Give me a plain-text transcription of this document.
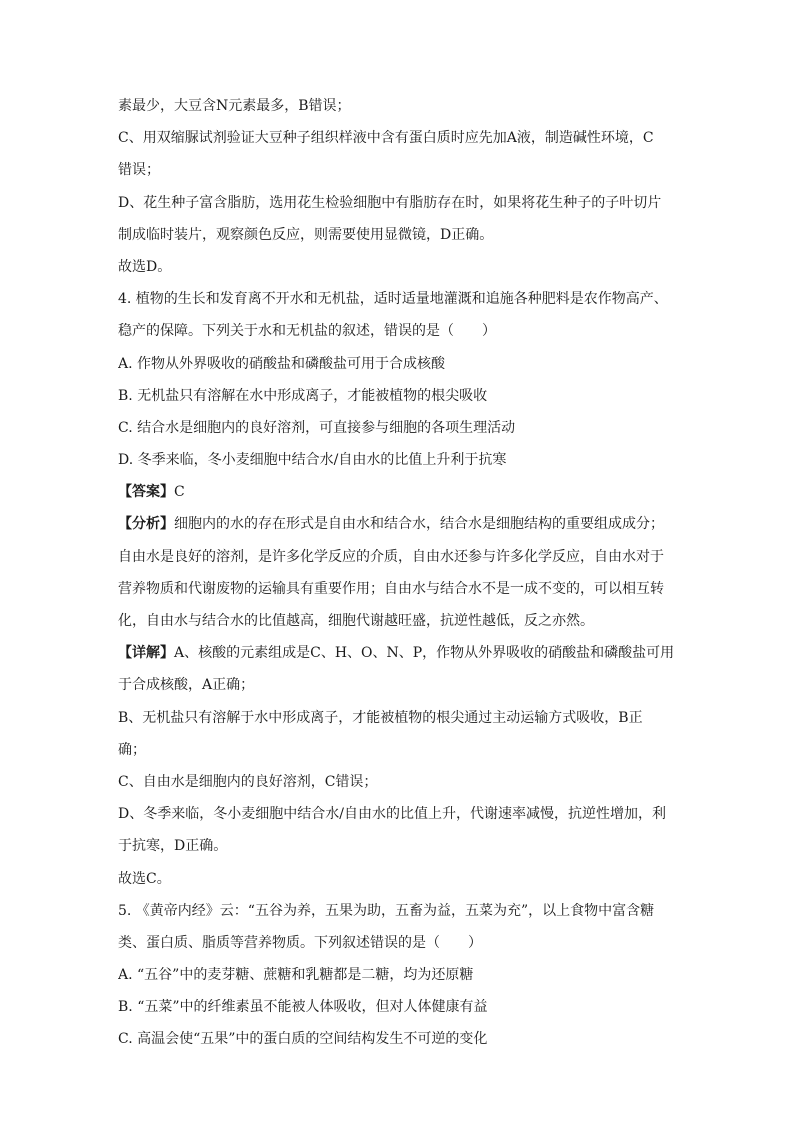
素最少，大豆含N元素最多，B错误；

C、用双缩脲试剂验证大豆种子组织样液中含有蛋白质时应先加A液，制造碱性环境，C

错误；

D、花生种子富含脂肪，选用花生检验细胞中有脂肪存在时，如果将花生种子的子叶切片

制成临时装片，观察颜色反应，则需要使用显微镜，D正确。

故选D。

4. 植物的生长和发育离不开水和无机盐，适时适量地灌溉和追施各种肥料是农作物高产、

稳产的保障。下列关于水和无机盐的叙述，错误的是（　　）

A. 作物从外界吸收的硝酸盐和磷酸盐可用于合成核酸

B. 无机盐只有溶解在水中形成离子，才能被植物的根尖吸收

C. 结合水是细胞内的良好溶剂，可直接参与细胞的各项生理活动

D. 冬季来临，冬小麦细胞中结合水/自由水的比值上升利于抗寒

【答案】C

【分析】细胞内的水的存在形式是自由水和结合水，结合水是细胞结构的重要组成成分；

自由水是良好的溶剂，是许多化学反应的介质，自由水还参与许多化学反应，自由水对于

营养物质和代谢废物的运输具有重要作用；自由水与结合水不是一成不变的，可以相互转

化，自由水与结合水的比值越高，细胞代谢越旺盛，抗逆性越低，反之亦然。

【详解】A、核酸的元素组成是C、H、O、N、P，作物从外界吸收的硝酸盐和磷酸盐可用

于合成核酸，A正确；

B、无机盐只有溶解于水中形成离子，才能被植物的根尖通过主动运输方式吸收，B正

确；

C、自由水是细胞内的良好溶剂，C错误；

D、冬季来临，冬小麦细胞中结合水/自由水的比值上升，代谢速率减慢，抗逆性增加，利

于抗寒，D正确。

故选C。

5. 《黄帝内经》云：“五谷为养，五果为助，五畜为益，五菜为充”，以上食物中富含糖

类、蛋白质、脂质等营养物质。下列叙述错误的是（　　）

A. “五谷”中的麦芽糖、蔗糖和乳糖都是二糖，均为还原糖

B. “五菜”中的纤维素虽不能被人体吸收，但对人体健康有益

C. 高温会使“五果”中的蛋白质的空间结构发生不可逆的变化
